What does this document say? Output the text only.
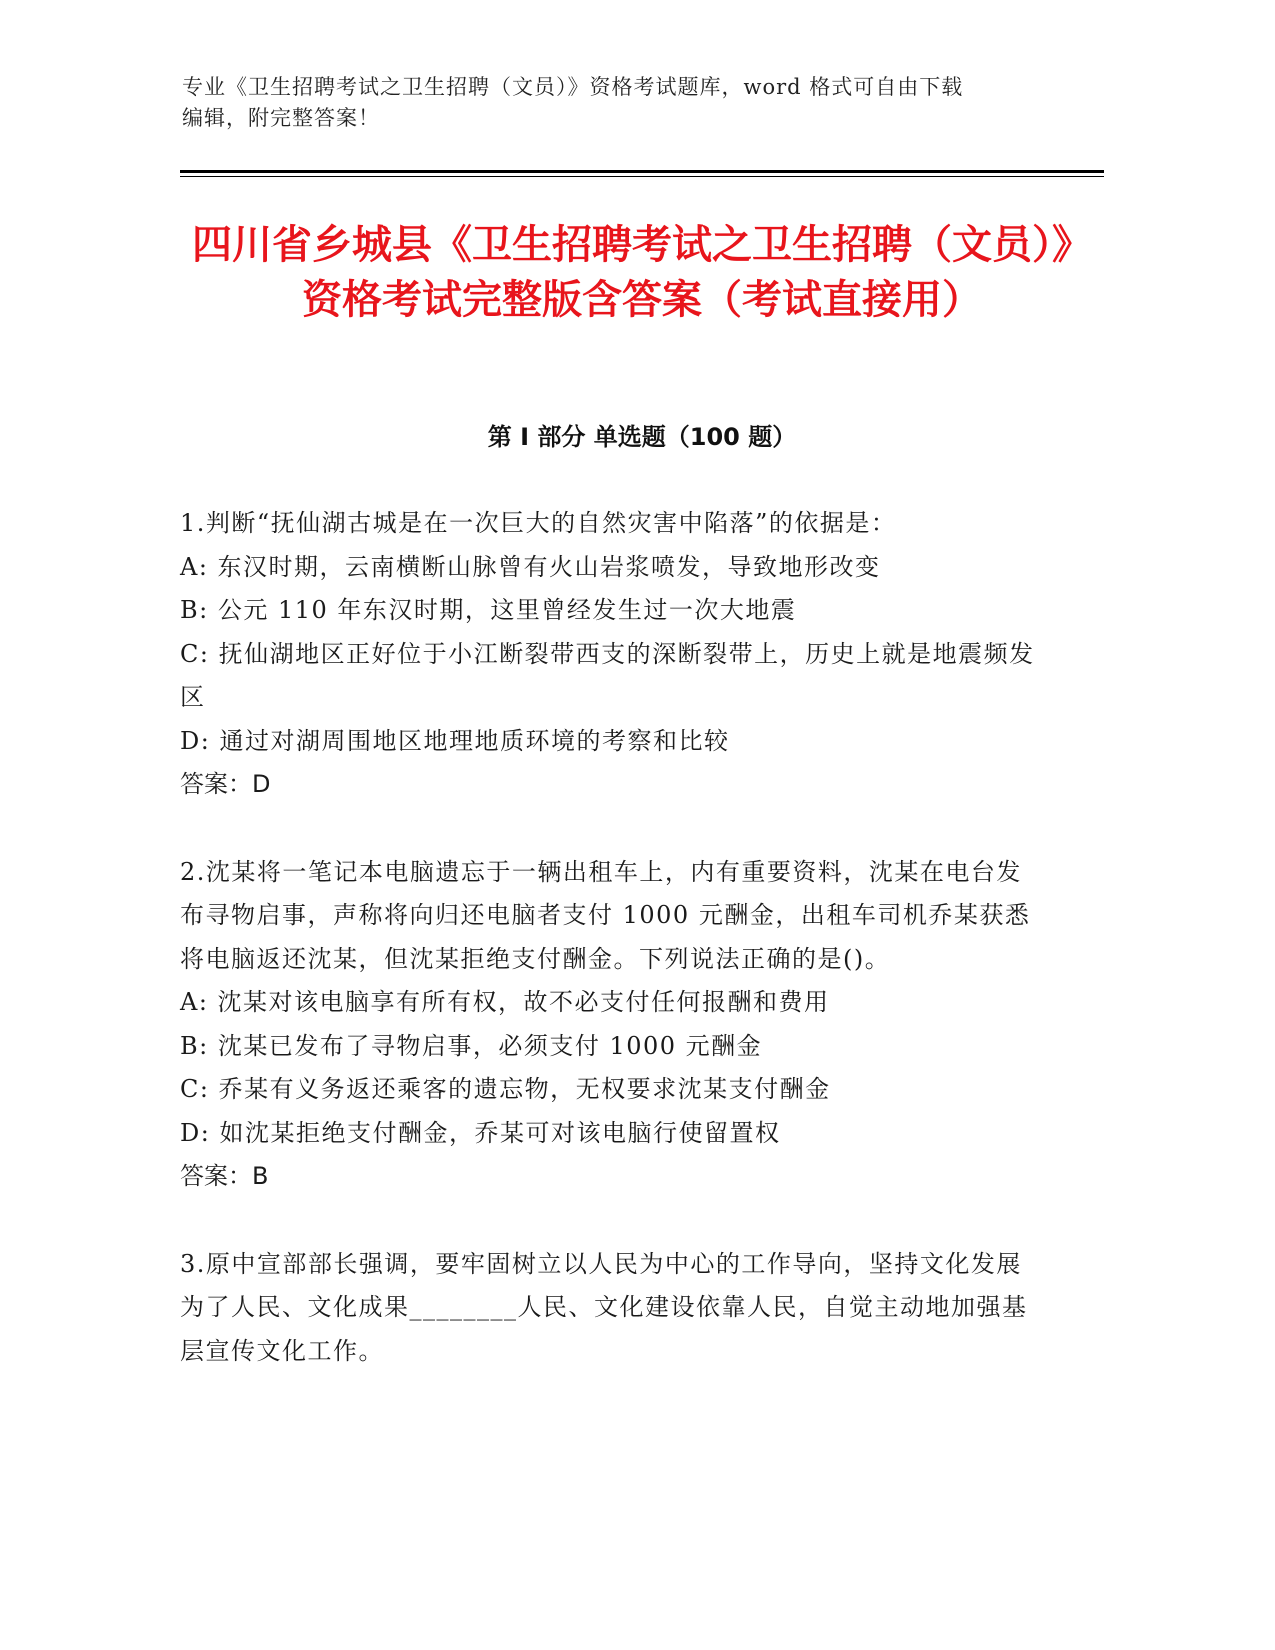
专业《卫生招聘考试之卫生招聘（文员）》资格考试题库，word 格式可自由下载
编辑，附完整答案！
四川省乡城县《卫生招聘考试之卫生招聘（文员）》资格考试完整版含答案（考试直接用）
第 I 部分 单选题（100 题）

1.判断“抚仙湖古城是在一次巨大的自然灾害中陷落”的依据是：

A: 东汉时期，云南横断山脉曾有火山岩浆喷发，导致地形改变

B: 公元 110 年东汉时期，这里曾经发生过一次大地震

C: 抚仙湖地区正好位于小江断裂带西支的深断裂带上，历史上就是地震频发区

D: 通过对湖周围地区地理地质环境的考察和比较

答案：D

2.沈某将一笔记本电脑遗忘于一辆出租车上，内有重要资料，沈某在电台发布寻物启事，声称将向归还电脑者支付 1000 元酬金，出租车司机乔某获悉将电脑返还沈某，但沈某拒绝支付酬金。下列说法正确的是()。

A: 沈某对该电脑享有所有权，故不必支付任何报酬和费用

B: 沈某已发布了寻物启事，必须支付 1000 元酬金

C: 乔某有义务返还乘客的遗忘物，无权要求沈某支付酬金

D: 如沈某拒绝支付酬金，乔某可对该电脑行使留置权

答案：B

3.原中宣部部长强调，要牢固树立以人民为中心的工作导向，坚持文化发展为了人民、文化成果________人民、文化建设依靠人民，自觉主动地加强基层宣传文化工作。
